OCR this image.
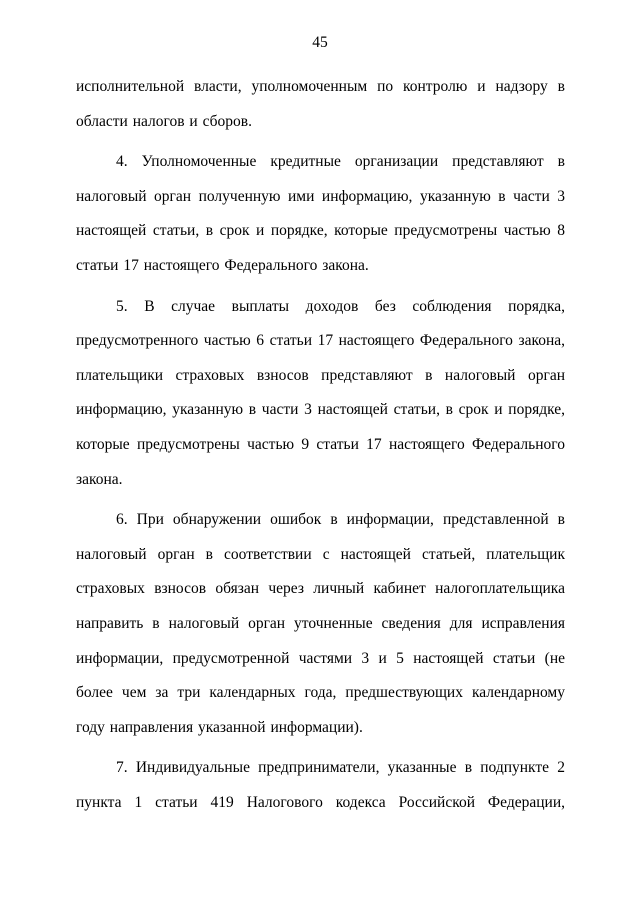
45

исполнительной власти, уполномоченным по контролю и надзору в области налогов и сборов.

4. Уполномоченные кредитные организации представляют в налоговый орган полученную ими информацию, указанную в части 3 настоящей статьи, в срок и порядке, которые предусмотрены частью 8 статьи 17 настоящего Федерального закона.

5. В случае выплаты доходов без соблюдения порядка, предусмотренного частью 6 статьи 17 настоящего Федерального закона, плательщики страховых взносов представляют в налоговый орган информацию, указанную в части 3 настоящей статьи, в срок и порядке, которые предусмотрены частью 9 статьи 17 настоящего Федерального закона.

6. При обнаружении ошибок в информации, представленной в налоговый орган в соответствии с настоящей статьей, плательщик страховых взносов обязан через личный кабинет налогоплательщика направить в налоговый орган уточненные сведения для исправления информации, предусмотренной частями 3 и 5 настоящей статьи (не более чем за три календарных года, предшествующих календарному году направления указанной информации).

7. Индивидуальные предприниматели, указанные в подпункте 2 пункта 1 статьи 419 Налогового кодекса Российской Федерации,
